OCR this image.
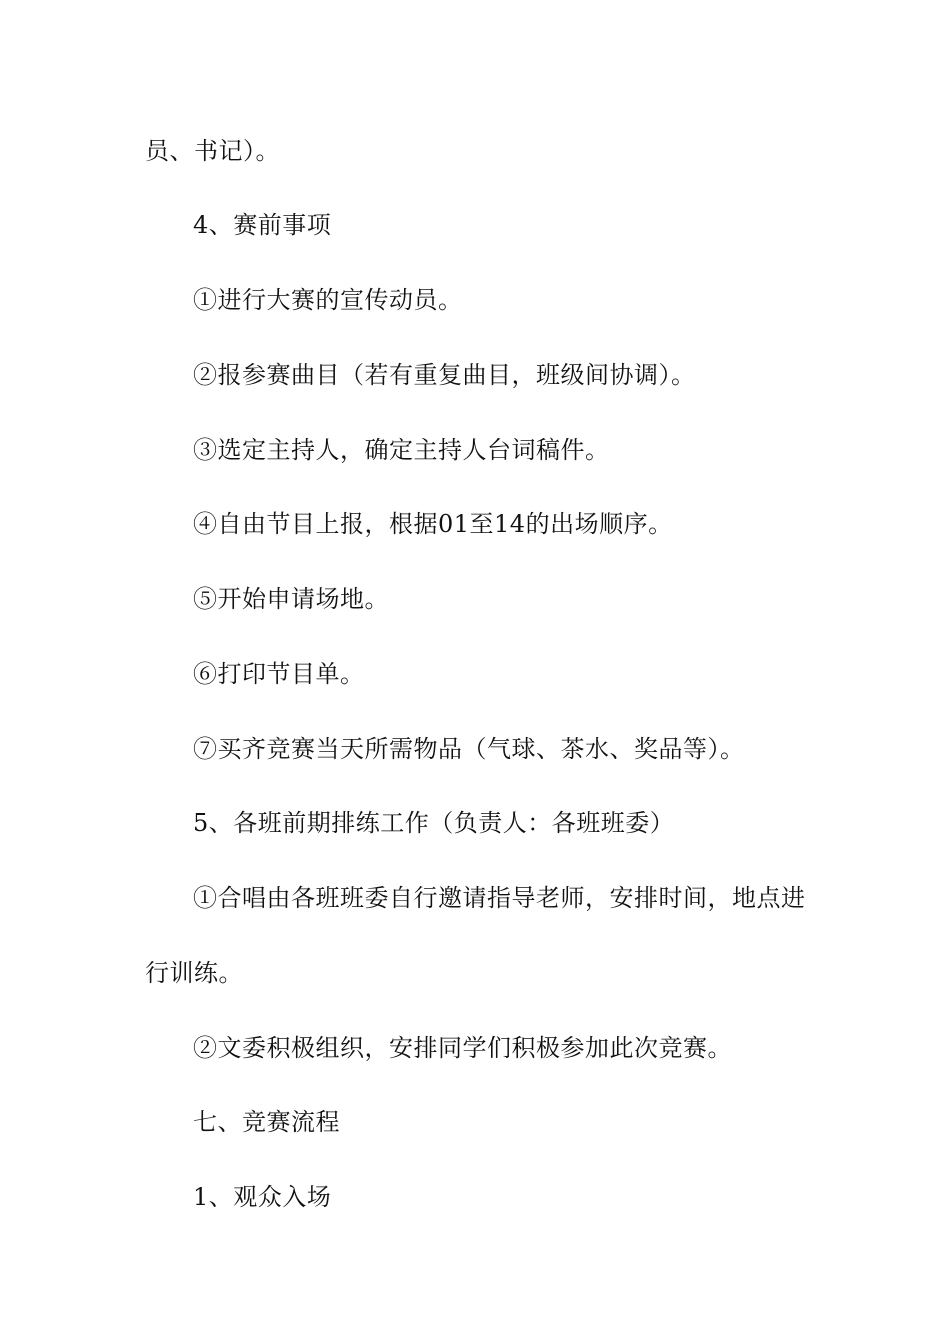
员、书记）。
4、赛前事项
①进行大赛的宣传动员。
②报参赛曲目（若有重复曲目，班级间协调）。
③选定主持人，确定主持人台词稿件。
④自由节目上报，根据01至14的出场顺序。
⑤开始申请场地。
⑥打印节目单。
⑦买齐竞赛当天所需物品（气球、茶水、奖品等）。
5、各班前期排练工作（负责人：各班班委）
①合唱由各班班委自行邀请指导老师，安排时间，地点进
行训练。
②文委积极组织，安排同学们积极参加此次竞赛。
七、竞赛流程
1、观众入场
